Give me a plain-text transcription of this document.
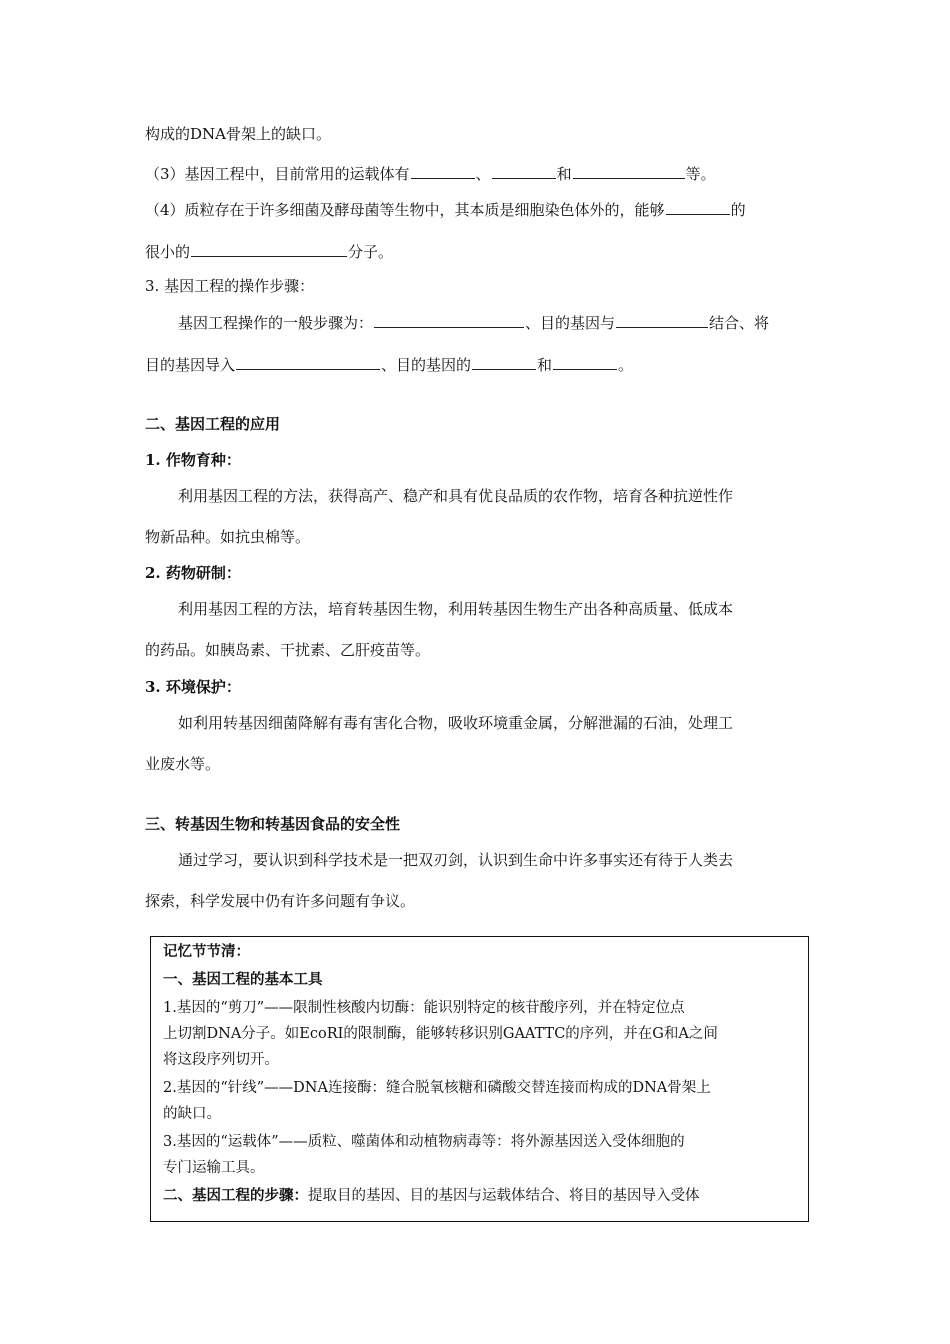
构成的DNA骨架上的缺口。
（3）基因工程中，目前常用的运载体有	、	和	等。
（4）质粒存在于许多细菌及酵母菌等生物中，其本质是细胞染色体外的，能够	的
很小的	分子。
3. 基因工程的操作步骤：
基因工程操作的一般步骤为：	、目的基因与	结合、将
目的基因导入	、目的基因的	和	。
二、基因工程的应用
1. 作物育种：
利用基因工程的方法，获得高产、稳产和具有优良品质的农作物，培育各种抗逆性作
物新品种。如抗虫棉等。
2. 药物研制：
利用基因工程的方法，培育转基因生物，利用转基因生物生产出各种高质量、低成本
的药品。如胰岛素、干扰素、乙肝疫苗等。
3. 环境保护：
如利用转基因细菌降解有毒有害化合物，吸收环境重金属，分解泄漏的石油，处理工
业废水等。
三、转基因生物和转基因食品的安全性
通过学习，要认识到科学技术是一把双刃剑，认识到生命中许多事实还有待于人类去
探索，科学发展中仍有许多问题有争议。
记忆节节清：
一、基因工程的基本工具
1.基因的“剪刀”——限制性核酸内切酶：能识别特定的核苷酸序列，并在特定位点
上切割DNA分子。如EcoRI的限制酶，能够转移识别GAATTC的序列，并在G和A之间
将这段序列切开。
2.基因的“针线”——DNA连接酶：缝合脱氧核糖和磷酸交替连接而构成的DNA骨架上
的缺口。
3.基因的“运载体”——质粒、噬菌体和动植物病毒等：将外源基因送入受体细胞的
专门运输工具。
二、基因工程的步骤：提取目的基因、目的基因与运载体结合、将目的基因导入受体
